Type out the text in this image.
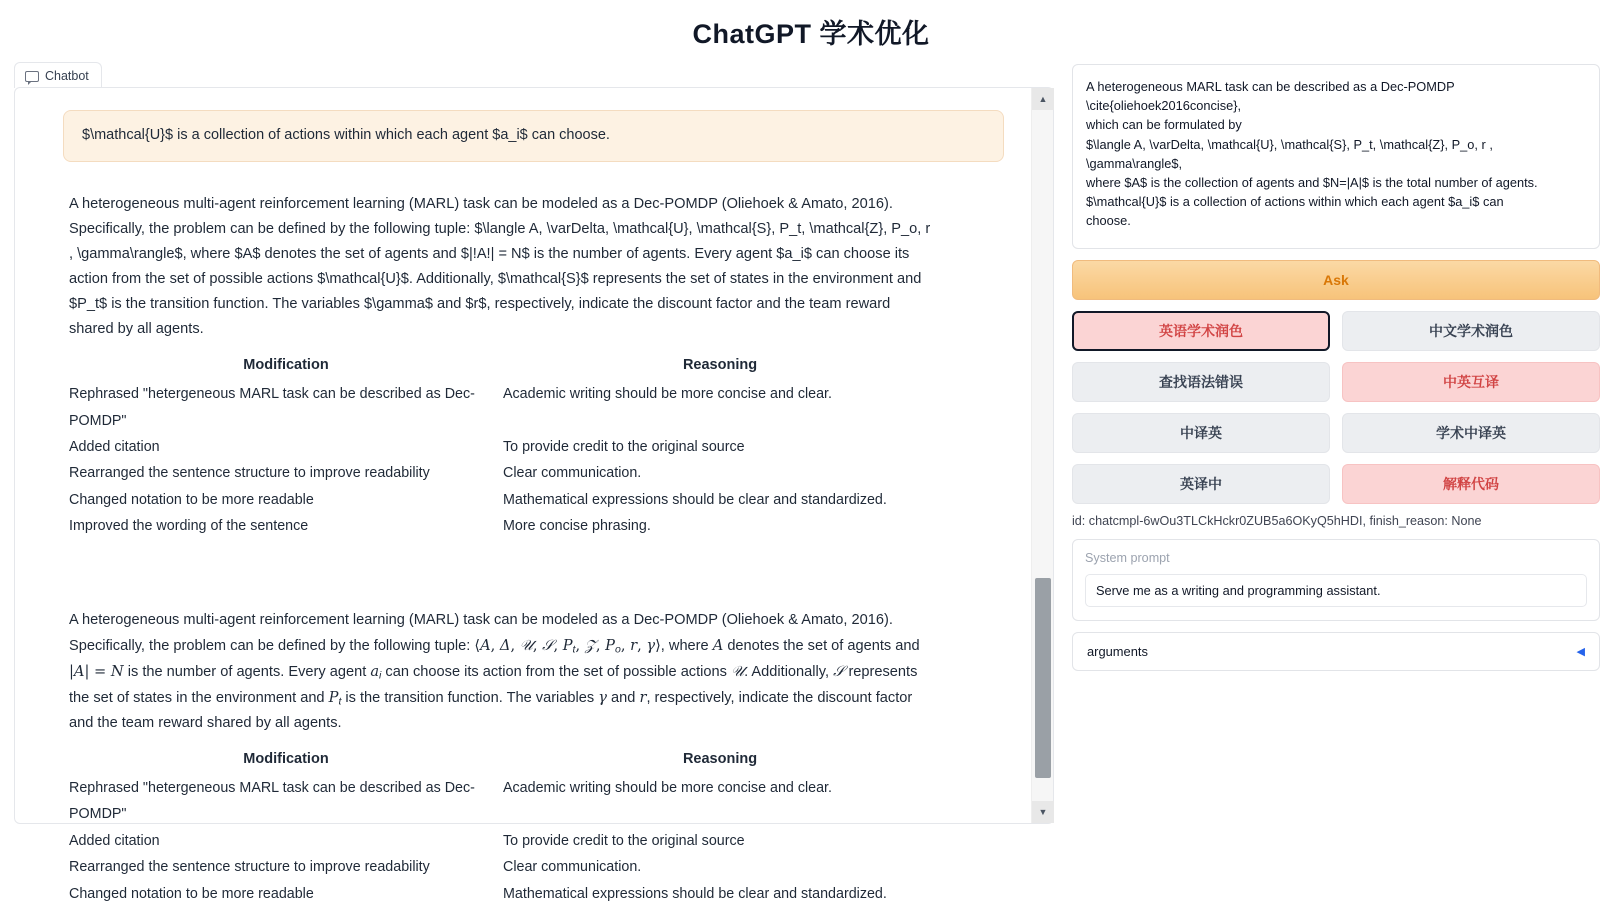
ChatGPT 学术优化
Chatbot
$\mathcal{U}$ is a collection of actions within which each agent $a_i$ can choose.
A heterogeneous multi-agent reinforcement learning (MARL) task can be modeled as a Dec-POMDP (Oliehoek & Amato, 2016). Specifically, the problem can be defined by the following tuple: $\langle A, \varDelta, \mathcal{U}, \mathcal{S}, P_t, \mathcal{Z}, P_o, r , \gamma\rangle$, where $A$ denotes the set of agents and $|!A!| = N$ is the number of agents. Every agent $a_i$ can choose its action from the set of possible actions $\mathcal{U}$. Additionally, $\mathcal{S}$ represents the set of states in the environment and $P_t$ is the transition function. The variables $\gamma$ and $r$, respectively, indicate the discount factor and the team reward shared by all agents.
Modification	Reasoning
Rephrased "hetergeneous MARL task can be described as Dec-POMDP"	Academic writing should be more concise and clear.
Added citation	To provide credit to the original source
Rearranged the sentence structure to improve readability	Clear communication.
Changed notation to be more readable	Mathematical expressions should be clear and standardized.
Improved the wording of the sentence	More concise phrasing.
A heterogeneous multi-agent reinforcement learning (MARL) task can be modeled as a Dec-POMDP (Oliehoek & Amato, 2016). Specifically, the problem can be defined by the following tuple: ⟨A, Δ, 𝒰, 𝒮, $P_t$, 𝒵, $P_o$, r, γ⟩, where A denotes the set of agents and |A| = N is the number of agents. Every agent $a_i$ can choose its action from the set of possible actions 𝒰. Additionally, 𝒮 represents the set of states in the environment and $P_t$ is the transition function. The variables γ and r, respectively, indicate the discount factor and the team reward shared by all agents.
Modification	Reasoning
Rephrased "hetergeneous MARL task can be described as Dec-POMDP"	Academic writing should be more concise and clear.
Added citation	To provide credit to the original source
Rearranged the sentence structure to improve readability	Clear communication.
Changed notation to be more readable	Mathematical expressions should be clear and standardized.
▲
▼
A heterogeneous MARL task can be described as a Dec-POMDP
\cite{oliehoek2016concise},
which can be formulated by
$\langle A, \varDelta, \mathcal{U}, \mathcal{S}, P_t, \mathcal{Z}, P_o, r ,
\gamma\rangle$,
where $A$ is the collection of agents and $N=|A|$ is the total number of agents.
$\mathcal{U}$ is a collection of actions within which each agent $a_i$ can
choose.
Ask
英语学术润色	中文学术润色
查找语法错误	中英互译
中译英	学术中译英
英译中	解释代码
id: chatcmpl-6wOu3TLCkHckr0ZUB5a6OKyQ5hHDI, finish_reason: None
System prompt
Serve me as a writing and programming assistant.
arguments	◀
